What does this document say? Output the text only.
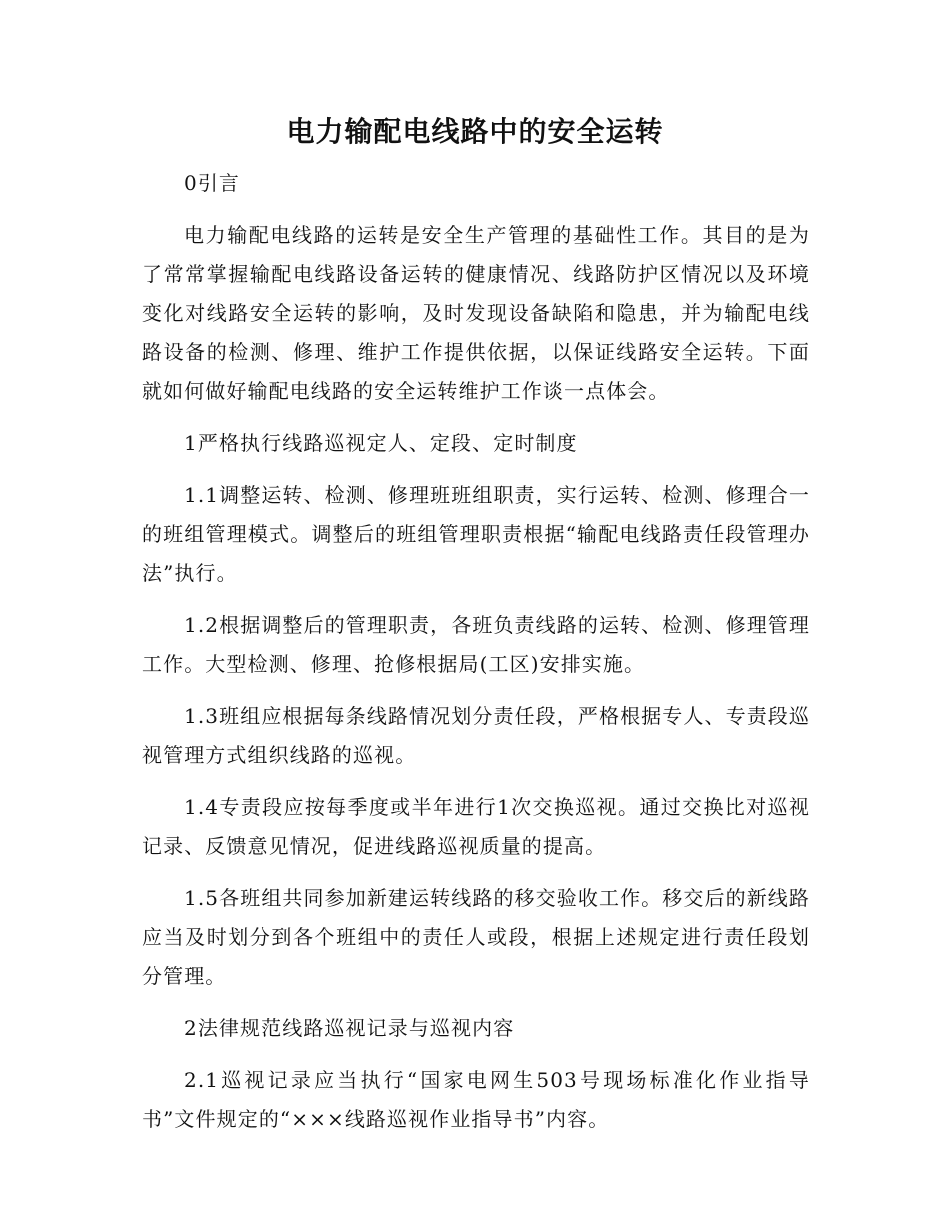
电力输配电线路中的安全运转

0引言

电力输配电线路的运转是安全生产管理的基础性工作。其目的是为了常常掌握输配电线路设备运转的健康情况、线路防护区情况以及环境变化对线路安全运转的影响，及时发现设备缺陷和隐患，并为输配电线路设备的检测、修理、维护工作提供依据，以保证线路安全运转。下面就如何做好输配电线路的安全运转维护工作谈一点体会。

1严格执行线路巡视定人、定段、定时制度

1.1调整运转、检测、修理班班组职责，实行运转、检测、修理合一的班组管理模式。调整后的班组管理职责根据“输配电线路责任段管理办法”执行。

1.2根据调整后的管理职责，各班负责线路的运转、检测、修理管理工作。大型检测、修理、抢修根据局(工区)安排实施。

1.3班组应根据每条线路情况划分责任段，严格根据专人、专责段巡视管理方式组织线路的巡视。

1.4专责段应按每季度或半年进行1次交换巡视。通过交换比对巡视记录、反馈意见情况，促进线路巡视质量的提高。

1.5各班组共同参加新建运转线路的移交验收工作。移交后的新线路应当及时划分到各个班组中的责任人或段，根据上述规定进行责任段划分管理。

2法律规范线路巡视记录与巡视内容

2.1巡视记录应当执行“国家电网生503号现场标准化作业指导书”文件规定的“×××线路巡视作业指导书”内容。
